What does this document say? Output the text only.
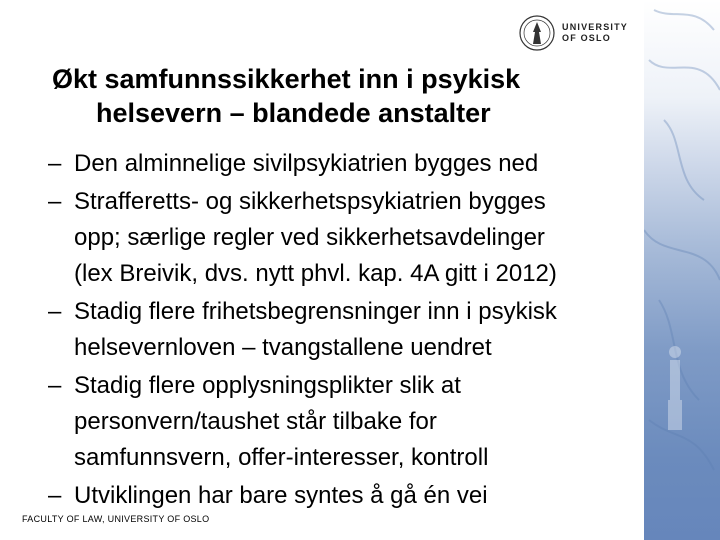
UNIVERSITY
OF OSLO
Økt samfunnssikkerhet inn i psykisk
helsevern – blandede anstalter
– Den alminnelige sivilpsykiatrien bygges ned
– Strafferetts- og sikkerhetspsykiatrien bygges
opp; særlige regler ved sikkerhetsavdelinger
(lex Breivik, dvs. nytt phvl. kap. 4A gitt i 2012)
– Stadig flere frihetsbegrensninger inn i psykisk
helsevernloven – tvangstallene uendret
– Stadig flere opplysningsplikter slik at
personvern/taushet står tilbake for
samfunnsvern, offer-interesser, kontroll
– Utviklingen har bare syntes å gå én vei
FACULTY OF LAW, UNIVERSITY OF OSLO
